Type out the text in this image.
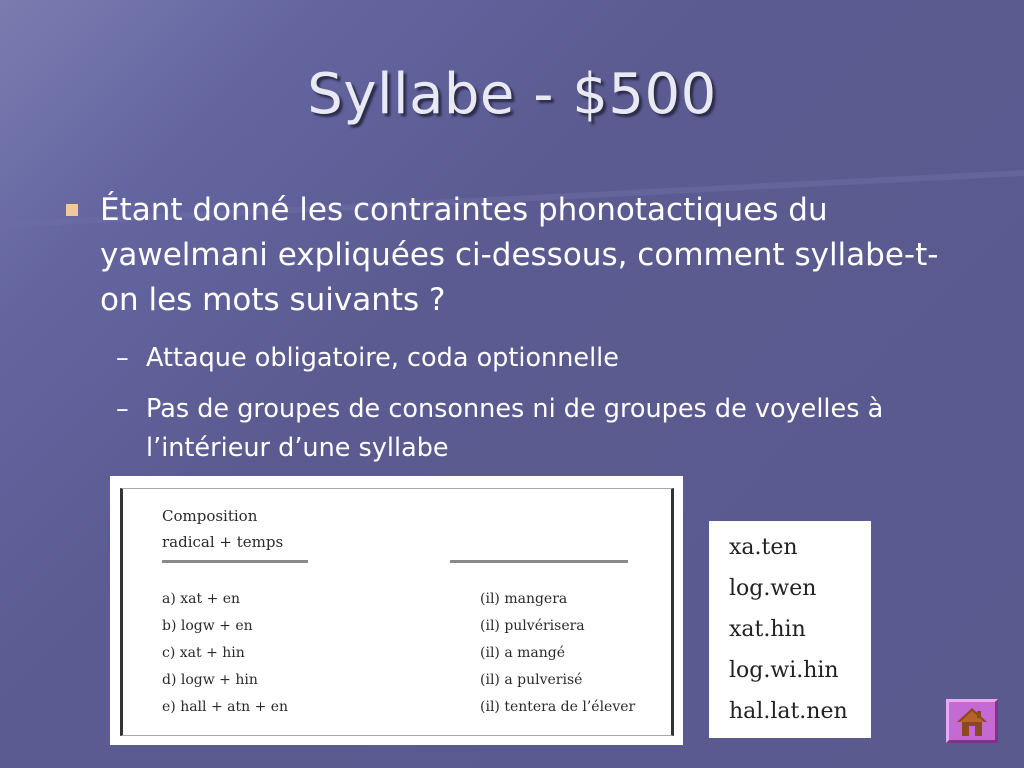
Syllabe - $500
Étant donné les contraintes phonotactiques du yawelmani expliquées ci-dessous, comment syllabe-t-on les mots suivants ?
– Attaque obligatoire, coda optionnelle
– Pas de groupes de consonnes ni de groupes de voyelles à l’intérieur d’une syllabe
Composition
radical + temps
a) xat + en	(il) mangera
b) logw + en	(il) pulvérisera
c) xat + hin	(il) a mangé
d) logw + hin	(il) a pulverisé
e) hall + atn + en	(il) tentera de l’élever
xa.ten
log.wen
xat.hin
log.wi.hin
hal.lat.nen
